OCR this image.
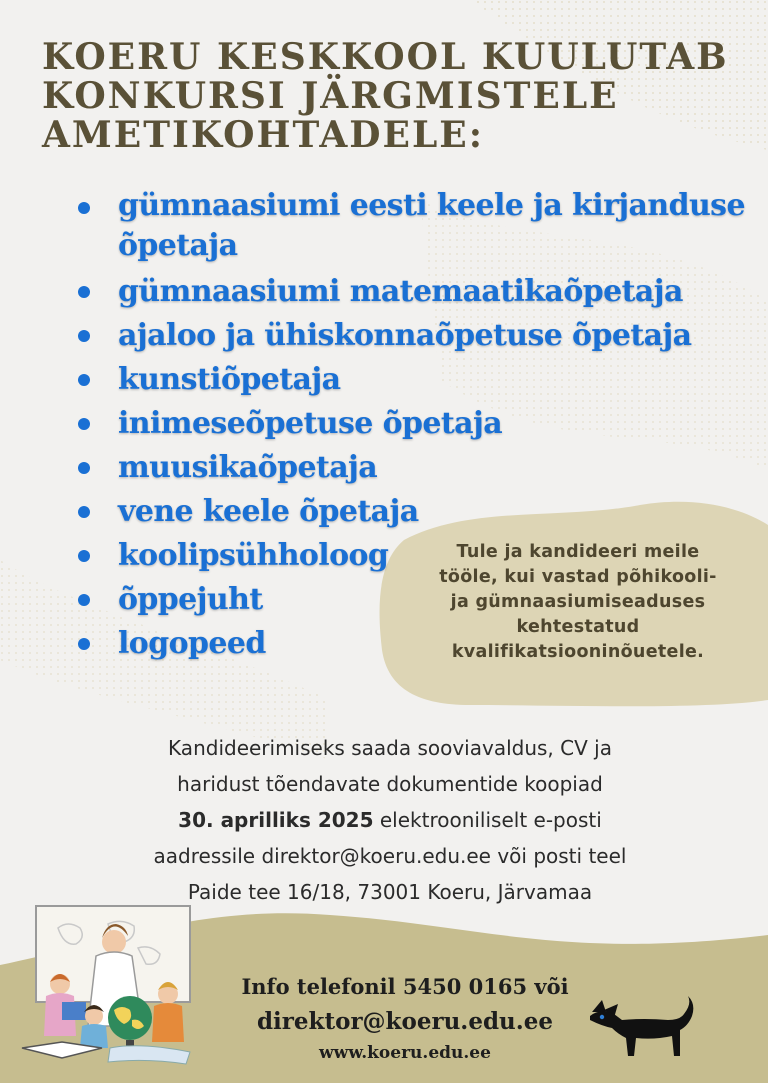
KOERU KESKKOOL KUULUTAB
KONKURSI JÄRGMISTELE
AMETIKOHTADELE:
gümnaasiumi eesti keele ja kirjanduse
õpetaja
gümnaasiumi matemaatikaõpetaja
ajaloo ja ühiskonnaõpetuse õpetaja
kunstiõpetaja
inimeseõpetuse õpetaja
muusikaõpetaja
vene keele õpetaja
koolipsühholoog
õppejuht
logopeed
Tule ja kandideeri meile
tööle, kui vastad põhikooli-
ja gümnaasiumiseaduses
kehtestatud
kvalifikatsiooninõuetele.
Kandideerimiseks saada sooviavaldus, CV ja
haridust tõendavate dokumentide koopiad
30. aprilliks 2025 elektrooniliselt e-posti
aadressile direktor@koeru.edu.ee või posti teel
Paide tee 16/18, 73001 Koeru, Järvamaa
Info telefonil 5450 0165 või
direktor@koeru.edu.ee
www.koeru.edu.ee
